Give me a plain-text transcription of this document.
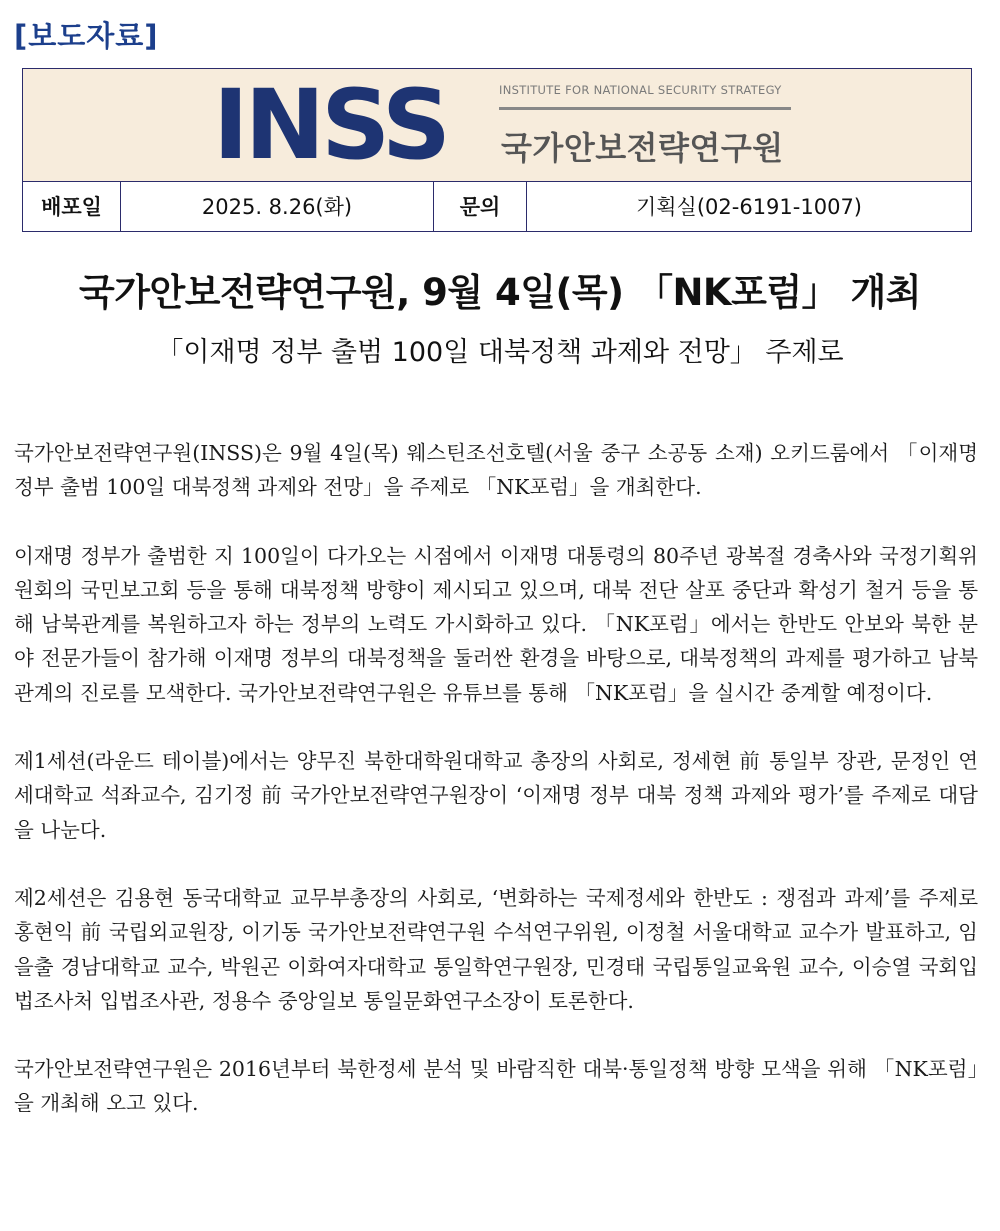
[보도자료]
INSS	INSTITUTE FOR NATIONAL SECURITY STRATEGY
국가안보전략연구원
배포일	2025. 8.26(화)	문의	기획실(02-6191-1007)
국가안보전략연구원, 9월 4일(목) 「NK포럼」 개최
「이재명 정부 출범 100일 대북정책 과제와 전망」 주제로

국가안보전략연구원(INSS)은 9월 4일(목) 웨스틴조선호텔(서울 중구 소공동 소재) 오키드룸에서 「이재명 정부 출범 100일 대북정책 과제와 전망」을 주제로 「NK포럼」을 개최한다.

이재명 정부가 출범한 지 100일이 다가오는 시점에서 이재명 대통령의 80주년 광복절 경축사와 국정기획위원회의 국민보고회 등을 통해 대북정책 방향이 제시되고 있으며, 대북 전단 살포 중단과 확성기 철거 등을 통해 남북관계를 복원하고자 하는 정부의 노력도 가시화하고 있다. 「NK포럼」에서는 한반도 안보와 북한 분야 전문가들이 참가해 이재명 정부의 대북정책을 둘러싼 환경을 바탕으로, 대북정책의 과제를 평가하고 남북관계의 진로를 모색한다. 국가안보전략연구원은 유튜브를 통해 「NK포럼」을 실시간 중계할 예정이다.

제1세션(라운드 테이블)에서는 양무진 북한대학원대학교 총장의 사회로, 정세현 前 통일부 장관, 문정인 연세대학교 석좌교수, 김기정 前 국가안보전략연구원장이 ‘이재명 정부 대북 정책 과제와 평가’를 주제로 대담을 나눈다.

제2세션은 김용현 동국대학교 교무부총장의 사회로, ‘변화하는 국제정세와 한반도 : 쟁점과 과제’를 주제로 홍현익 前 국립외교원장, 이기동 국가안보전략연구원 수석연구위원, 이정철 서울대학교 교수가 발표하고, 임을출 경남대학교 교수, 박원곤 이화여자대학교 통일학연구원장, 민경태 국립통일교육원 교수, 이승열 국회입법조사처 입법조사관, 정용수 중앙일보 통일문화연구소장이 토론한다.

국가안보전략연구원은 2016년부터 북한정세 분석 및 바람직한 대북·통일정책 방향 모색을 위해 「NK포럼」을 개최해 오고 있다.
